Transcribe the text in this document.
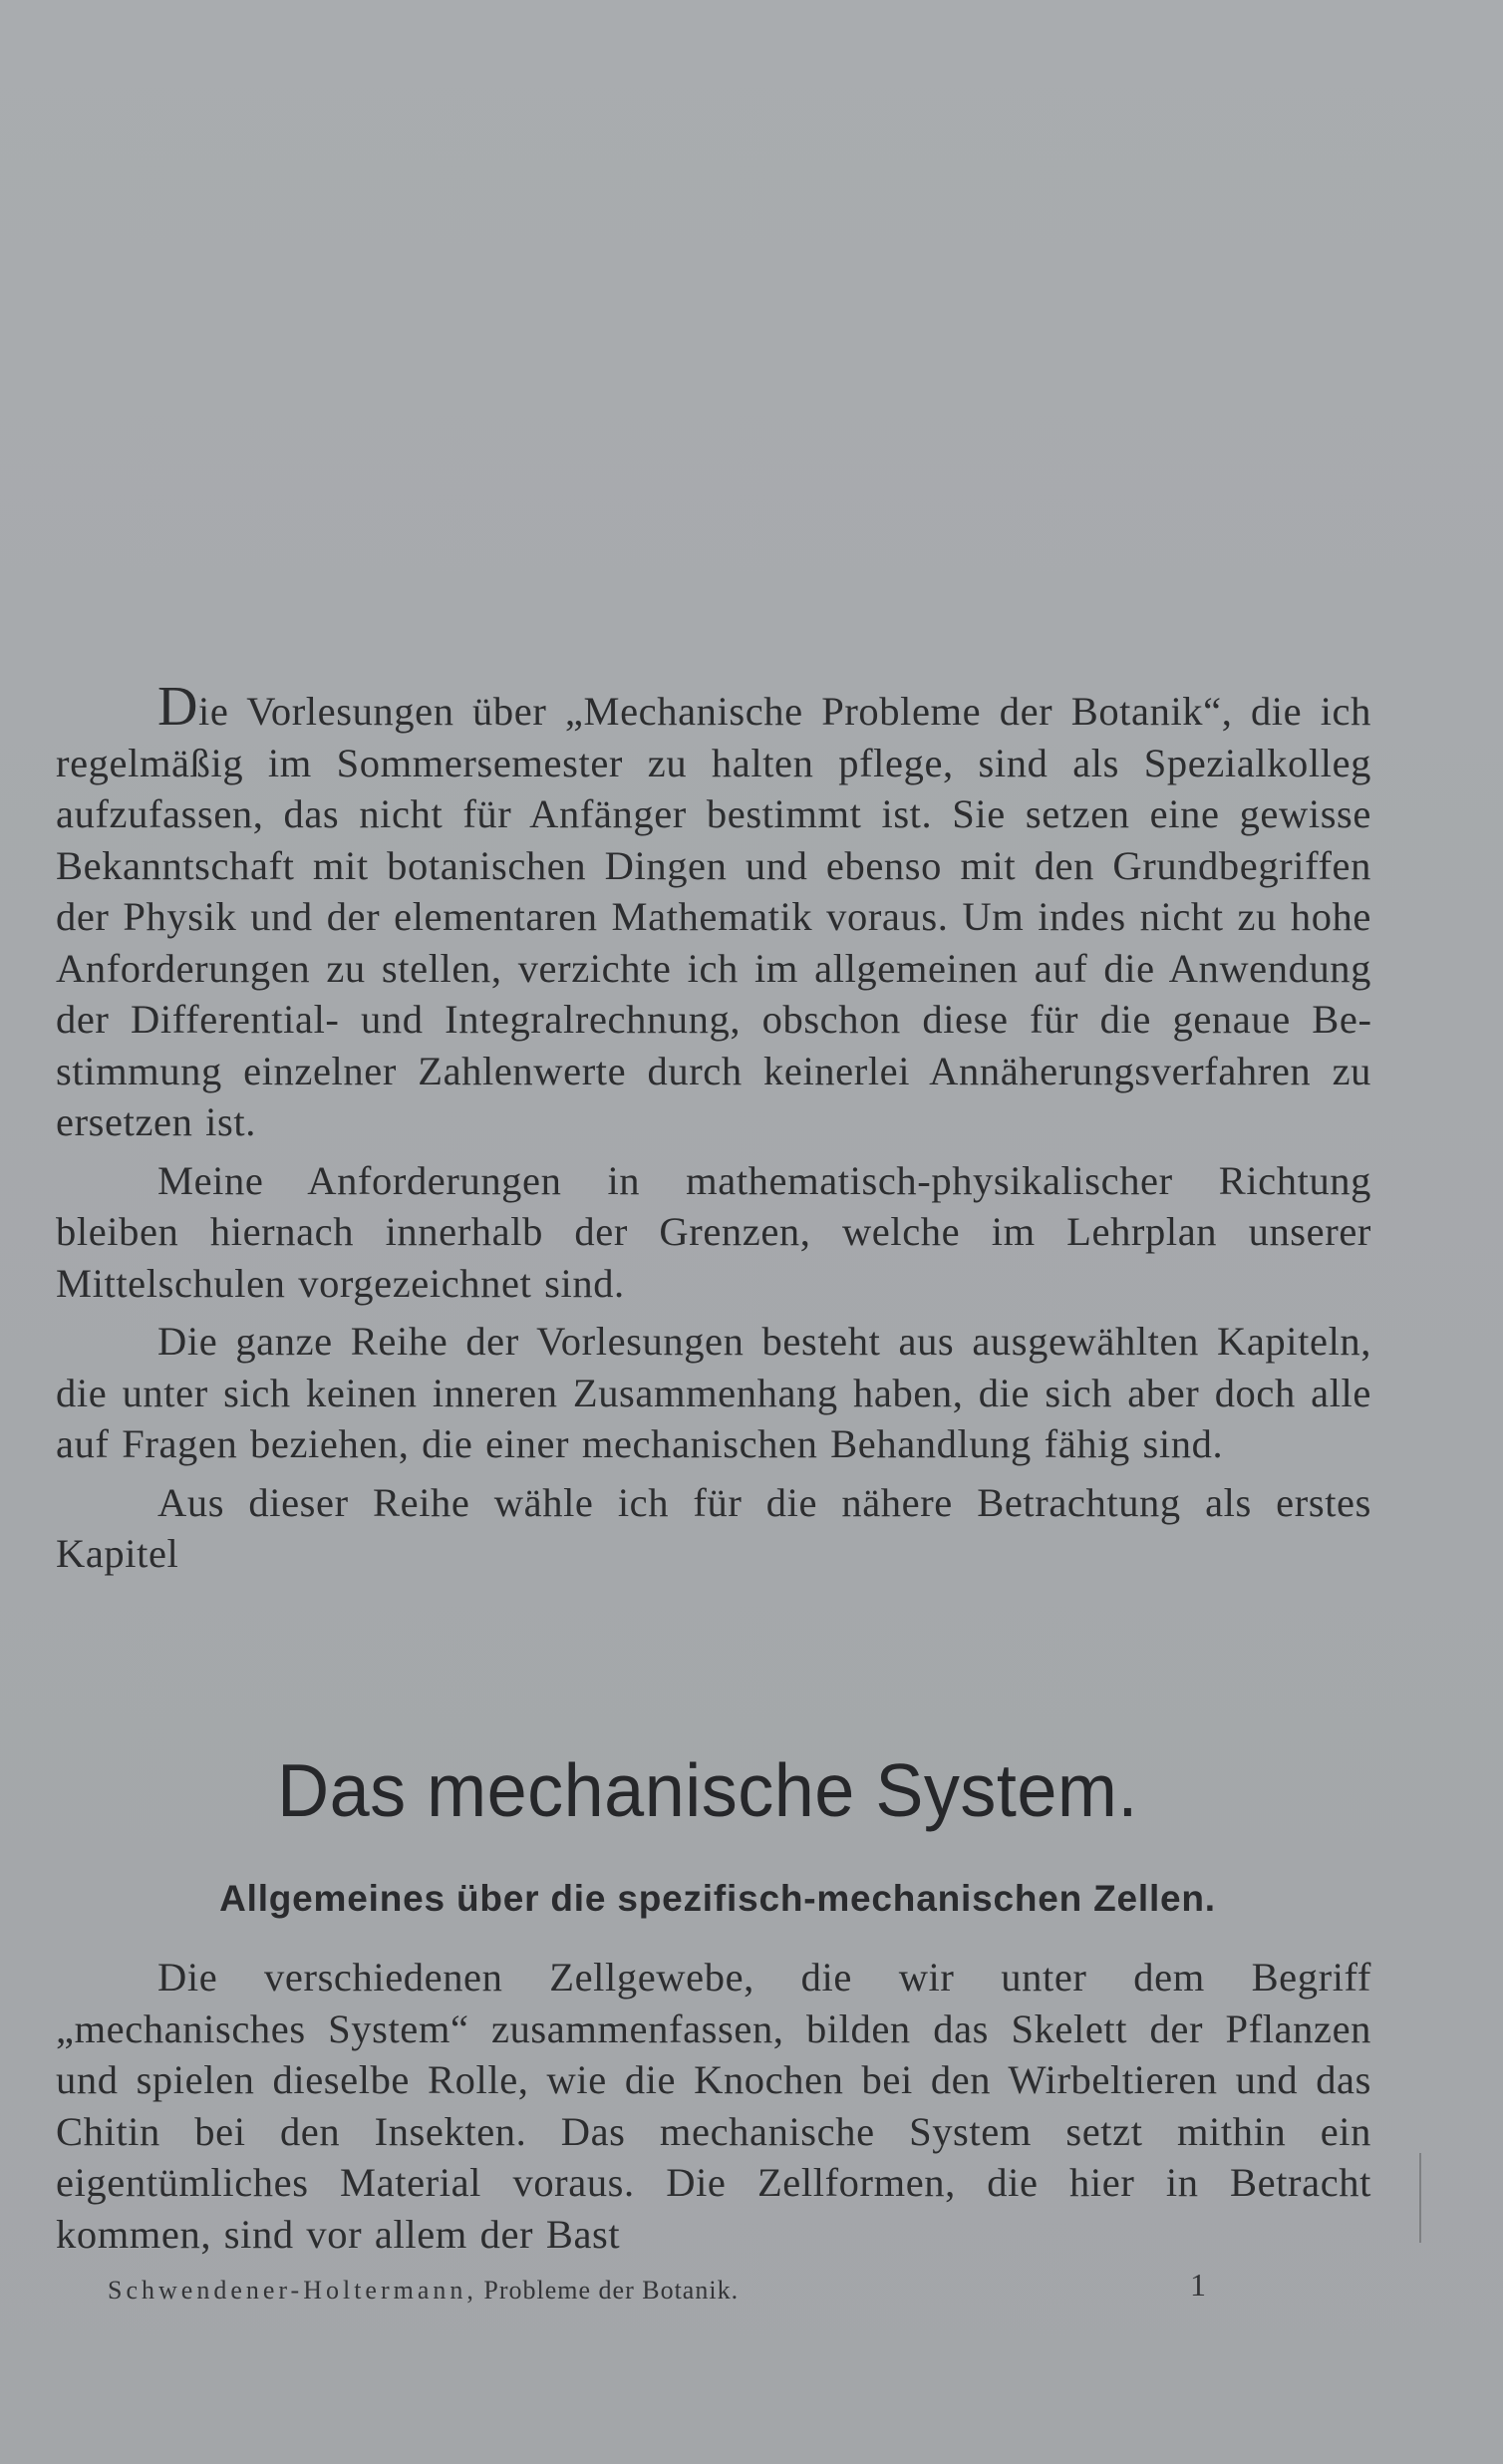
Die Vorlesungen über „Mechanische Probleme der Botanik“, die ich regelmäßig im Sommersemester zu halten pflege, sind als Spezialkolleg aufzufassen, das nicht für Anfänger bestimmt ist. Sie setzen eine gewisse Bekanntschaft mit botanischen Dingen und ebenso mit den Grundbegriffen der Physik und der elementaren Mathematik voraus. Um indes nicht zu hohe Anforderungen zu stellen, verzichte ich im allgemeinen auf die Anwendung der Differential- und Integralrechnung, obschon diese für die genaue Bestimmung einzelner Zahlenwerte durch keinerlei Annäherungsverfahren zu ersetzen ist.

Meine Anforderungen in mathematisch-physikalischer Richtung bleiben hiernach innerhalb der Grenzen, welche im Lehrplan unserer Mittelschulen vorgezeichnet sind.

Die ganze Reihe der Vorlesungen besteht aus ausgewählten Kapiteln, die unter sich keinen inneren Zusammenhang haben, die sich aber doch alle auf Fragen beziehen, die einer mechanischen Behandlung fähig sind.

Aus dieser Reihe wähle ich für die nähere Betrachtung als erstes Kapitel

Das mechanische System.
Allgemeines über die spezifisch-mechanischen Zellen.

Die verschiedenen Zellgewebe, die wir unter dem Begriff „mechanisches System“ zusammenfassen, bilden das Skelett der Pflanzen und spielen dieselbe Rolle, wie die Knochen bei den Wirbeltieren und das Chitin bei den Insekten. Das mechanische System setzt mithin ein eigentümliches Material voraus. Die Zellformen, die hier in Betracht kommen, sind vor allem der Bast

Schwendener-Holtermann, Probleme der Botanik.	1
